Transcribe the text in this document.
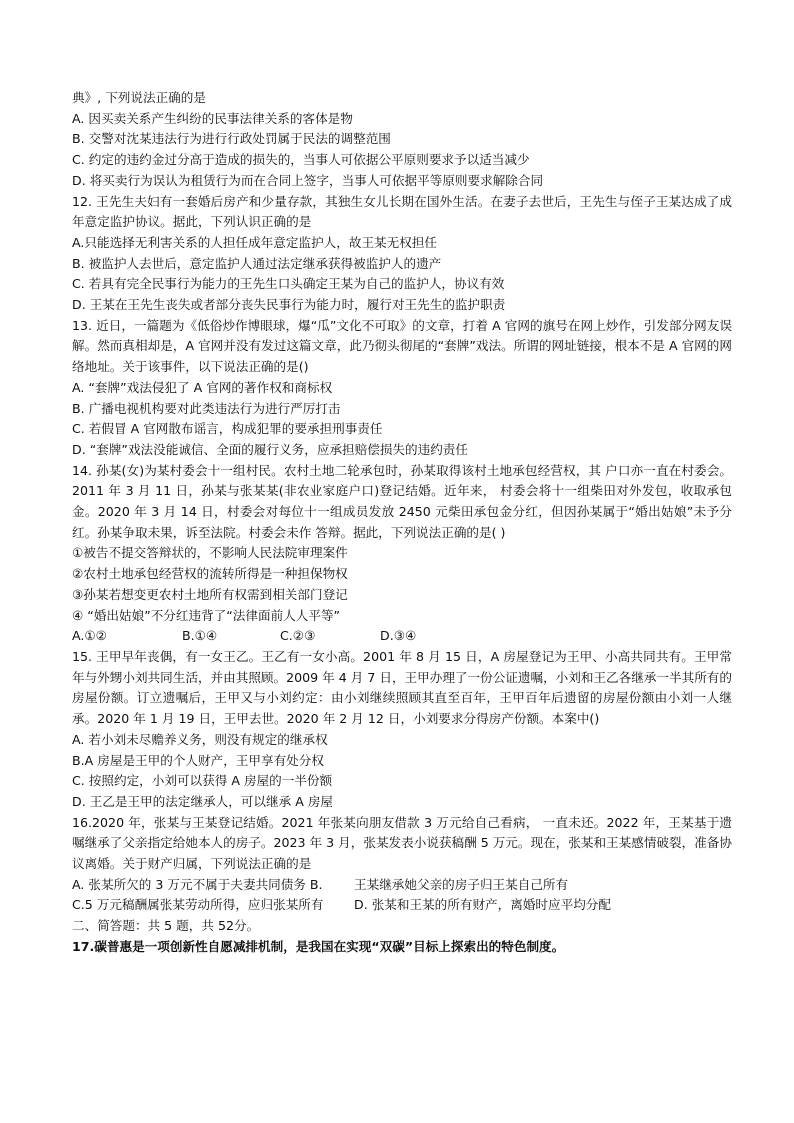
典》, 下列说法正确的是
A. 因买卖关系产生纠纷的民事法律关系的客体是物
B. 交警对沈某违法行为进行行政处罚属于民法的调整范围
C. 约定的违约金过分高于造成的损失的，当事人可依据公平原则要求予以适当减少
D. 将买卖行为误认为租赁行为而在合同上签字，当事人可依据平等原则要求解除合同
12. 王先生夫妇有一套婚后房产和少量存款，其独生女儿长期在国外生活。在妻子去世后，王先生与侄子王某达成了成年意定监护协议。据此，下列认识正确的是
A.只能选择无利害关系的人担任成年意定监护人，故王某无权担任
B. 被监护人去世后，意定监护人通过法定继承获得被监护人的遗产
C. 若具有完全民事行为能力的王先生口头确定王某为自己的监护人，协议有效
D. 王某在王先生丧失或者部分丧失民事行为能力时，履行对王先生的监护职责
13. 近日，一篇题为《低俗炒作博眼球，爆“瓜”文化不可取》的文章，打着 A 官网的旗号在网上炒作，引发部分网友误解。然而真相却是，A 官网并没有发过这篇文章，此乃彻头彻尾的“套牌”戏法。所谓的网址链接，根本不是 A 官网的网络地址。关于该事件，以下说法正确的是()
A. “套牌”戏法侵犯了 A 官网的著作权和商标权
B. 广播电视机构要对此类违法行为进行严厉打击
C. 若假冒 A 官网散布谣言，构成犯罪的要承担刑事责任
D. “套牌”戏法没能诚信、全面的履行义务，应承担赔偿损失的违约责任
14. 孙某(女)为某村委会十一组村民。农村土地二轮承包时，孙某取得该村土地承包经营权，其 户口亦一直在村委会。2011 年 3 月 11 日，孙某与张某某(非农业家庭户口)登记结婚。近年来， 村委会将十一组柴田对外发包，收取承包金。2020 年 3 月 14 日，村委会对每位十一组成员发放 2450 元柴田承包金分红，但因孙某属于“婚出姑娘”未予分红。孙某争取未果，诉至法院。村委会未作 答辩。据此，下列说法正确的是( )
①被告不提交答辩状的，不影响人民法院审理案件
②农村土地承包经营权的流转所得是一种担保物权
③孙某若想变更农村土地所有权需到相关部门登记
④ “婚出姑娘”不分红违背了“法律面前人人平等”
A.①②	B.①④	C.②③	D.③④
15. 王甲早年丧偶，有一女王乙。王乙有一女小高。2001 年 8 月 15 日，A 房屋登记为王甲、小高共同共有。王甲常年与外甥小刘共同生活，并由其照顾。2009 年 4 月 7 日，王甲办理了一份公证遗嘱，小刘和王乙各继承一半其所有的房屋份额。订立遗嘱后，王甲又与小刘约定：由小刘继续照顾其直至百年，王甲百年后遗留的房屋份额由小刘一人继承。2020 年 1 月 19 日，王甲去世。2020 年 2 月 12 日，小刘要求分得房产份额。本案中()
A. 若小刘未尽赡养义务，则没有规定的继承权
B.A 房屋是王甲的个人财产，王甲享有处分权
C. 按照约定，小刘可以获得 A 房屋的一半份额
D. 王乙是王甲的法定继承人，可以继承 A 房屋
16.2020 年，张某与王某登记结婚。2021 年张某向朋友借款 3 万元给自己看病， 一直未还。2022 年，王某基于遗嘱继承了父亲指定给她本人的房子。2023 年 3 月，张某发表小说获稿酬 5 万元。现在，张某和王某感情破裂，准备协议离婚。关于财产归属，下列说法正确的是
A. 张某所欠的 3 万元不属于夫妻共同债务 B.	王某继承她父亲的房子归王某自己所有
C.5 万元稿酬属张某劳动所得，应归张某所有	D. 张某和王某的所有财产，离婚时应平均分配
二、简答题：共 5 题，共 52分。
17.碳普惠是一项创新性自愿减排机制，是我国在实现“双碳”目标上探索出的特色制度。
